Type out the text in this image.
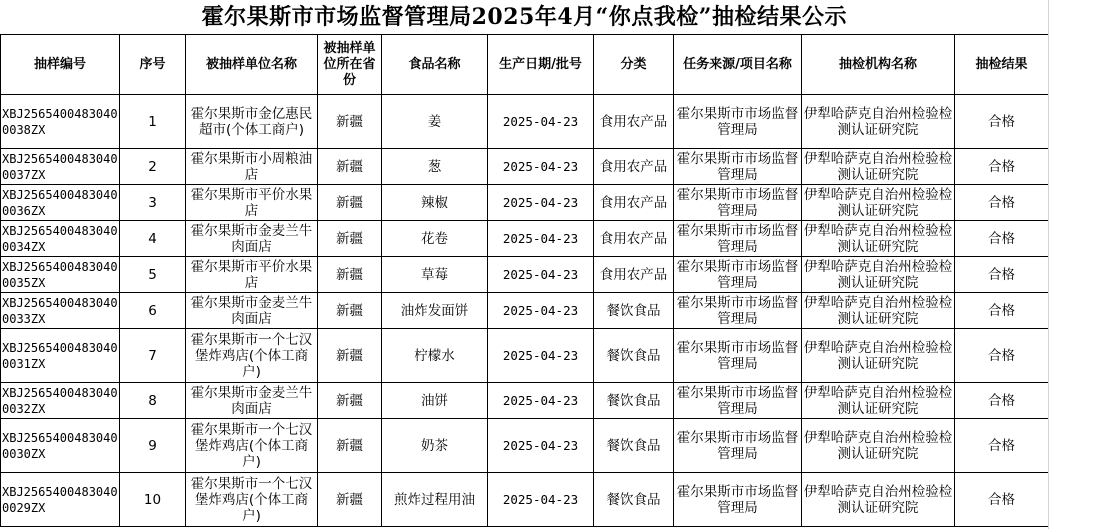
霍尔果斯市市场监督管理局2025年4月“你点我检”抽检结果公示									
抽样编号	序号	被抽样单位名称	被抽样单位所在省份	食品名称	生产日期/批号	分类	任务来源/项目名称	抽检机构名称	抽检结果
XBJ25654004830400038ZX	1	霍尔果斯市金亿惠民超市(个体工商户)	新疆	姜	2025-04-23	食用农产品	霍尔果斯市市场监督管理局	伊犁哈萨克自治州检验检测认证研究院	合格
XBJ25654004830400037ZX	2	霍尔果斯市小周粮油店	新疆	葱	2025-04-23	食用农产品	霍尔果斯市市场监督管理局	伊犁哈萨克自治州检验检测认证研究院	合格
XBJ25654004830400036ZX	3	霍尔果斯市平价水果店	新疆	辣椒	2025-04-23	食用农产品	霍尔果斯市市场监督管理局	伊犁哈萨克自治州检验检测认证研究院	合格
XBJ25654004830400034ZX	4	霍尔果斯市金麦兰牛肉面店	新疆	花卷	2025-04-23	食用农产品	霍尔果斯市市场监督管理局	伊犁哈萨克自治州检验检测认证研究院	合格
XBJ25654004830400035ZX	5	霍尔果斯市平价水果店	新疆	草莓	2025-04-23	食用农产品	霍尔果斯市市场监督管理局	伊犁哈萨克自治州检验检测认证研究院	合格
XBJ25654004830400033ZX	6	霍尔果斯市金麦兰牛肉面店	新疆	油炸发面饼	2025-04-23	餐饮食品	霍尔果斯市市场监督管理局	伊犁哈萨克自治州检验检测认证研究院	合格
XBJ25654004830400031ZX	7	霍尔果斯市一个七汉堡炸鸡店(个体工商户)	新疆	柠檬水	2025-04-23	餐饮食品	霍尔果斯市市场监督管理局	伊犁哈萨克自治州检验检测认证研究院	合格
XBJ25654004830400032ZX	8	霍尔果斯市金麦兰牛肉面店	新疆	油饼	2025-04-23	餐饮食品	霍尔果斯市市场监督管理局	伊犁哈萨克自治州检验检测认证研究院	合格
XBJ25654004830400030ZX	9	霍尔果斯市一个七汉堡炸鸡店(个体工商户)	新疆	奶茶	2025-04-23	餐饮食品	霍尔果斯市市场监督管理局	伊犁哈萨克自治州检验检测认证研究院	合格
XBJ25654004830400029ZX	10	霍尔果斯市一个七汉堡炸鸡店(个体工商户)	新疆	煎炸过程用油	2025-04-23	餐饮食品	霍尔果斯市市场监督管理局	伊犁哈萨克自治州检验检测认证研究院	合格
